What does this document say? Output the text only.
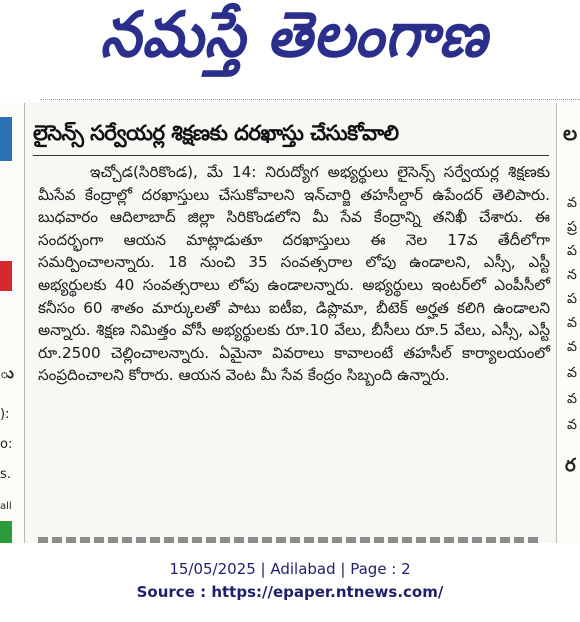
నమస్తే తెలంగాణ
ు
):
o:
s.
all
లైసెన్స్ సర్వేయర్ల శిక్షణకు దరఖాస్తు చేసుకోవాలి
ఇచ్చోడ(సిరికొండ), మే 14: నిరుద్యోగ అభ్యర్థులు లైసెన్స్ సర్వేయర్ల శిక్షణకు మీసేవ కేంద్రాల్లో దరఖాస్తులు చేసుకోవాలని ఇన్‌చార్జి తహసీల్దార్ ఉపేందర్ తెలిపారు. బుధవారం ఆదిలాబాద్ జిల్లా సిరికొండలోని మీ సేవ కేంద్రాన్ని తనిఖీ చేశారు. ఈ సందర్భంగా ఆయన మాట్లాడుతూ దరఖాస్తులు ఈ నెల 17వ తేదీలోగా సమర్పించాలన్నారు. 18 నుంచి 35 సంవత్సరాల లోపు ఉండాలని, ఎస్సీ, ఎస్టీ అభ్యర్థులకు 40 సంవత్సరాలు లోపు ఉండాలన్నారు. అభ్యర్థులు ఇంటర్‌లో ఎంపీసీలో కనీసం 60 శాతం మార్కులతో పాటు ఐటీఐ, డిప్లొమా, బీటెక్ అర్హత కలిగి ఉండాలని అన్నారు. శిక్షణ నిమిత్తం వోసీ అభ్యర్థులకు రూ.10 వేలు, బీసీలు రూ.5 వేలు, ఎస్సీ, ఎస్టీ రూ.2500 చెల్లించాలన్నారు. ఏమైనా వివరాలు కావాలంటే తహసీల్ కార్యాలయంలో సంప్రదించాలని కోరారు. ఆయన వెంట మీ సేవ కేంద్రం సిబ్బంది ఉన్నారు.
ల
వ
ప్ర
ప
న
ప
వ
వ
వ
వ
వ
ర
15/05/2025 | Adilabad | Page : 2
Source : https://epaper.ntnews.com/
